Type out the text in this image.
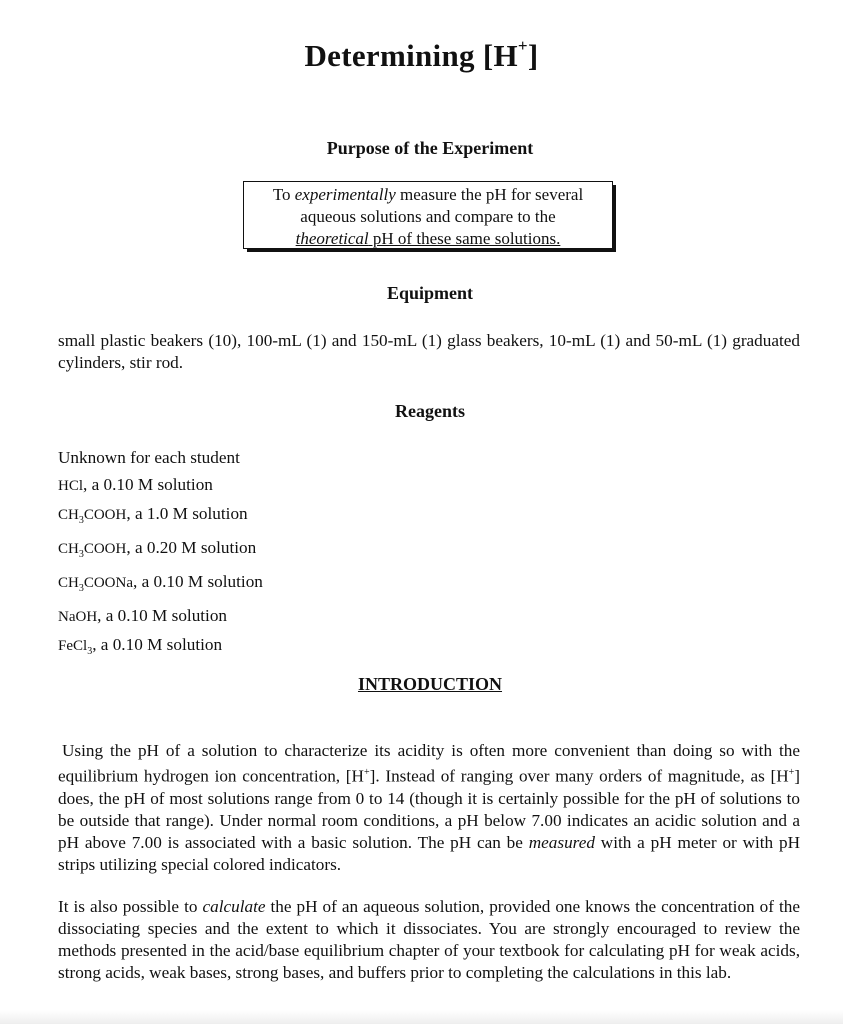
Determining [H+]
Purpose of the Experiment
To experimentally measure the pH for several
aqueous solutions and compare to the
theoretical pH of these same solutions.
Equipment
small plastic beakers (10), 100-mL (1) and 150-mL (1) glass beakers, 10-mL (1) and 50-mL (1) graduated cylinders, stir rod.
Reagents
Unknown for each student
HCl, a 0.10 M solution
$CH_3COOH$, a 1.0 M solution
$CH_3COOH$, a 0.20 M solution
$CH_3COONa$, a 0.10 M solution
NaOH, a 0.10 M solution
FeCl$_3$, a 0.10 M solution
INTRODUCTION
Using the pH of a solution to characterize its acidity is often more convenient than doing so with the equilibrium hydrogen ion concentration, [H+]. Instead of ranging over many orders of magnitude, as [H+] does, the pH of most solutions range from 0 to 14 (though it is certainly possible for the pH of solutions to be outside that range). Under normal room conditions, a pH below 7.00 indicates an acidic solution and a pH above 7.00 is associated with a basic solution. The pH can be measured with a pH meter or with pH strips utilizing special colored indicators.
It is also possible to calculate the pH of an aqueous solution, provided one knows the concentration of the dissociating species and the extent to which it dissociates. You are strongly encouraged to review the methods presented in the acid/base equilibrium chapter of your textbook for calculating pH for weak acids, strong acids, weak bases, strong bases, and buffers prior to completing the calculations in this lab.
